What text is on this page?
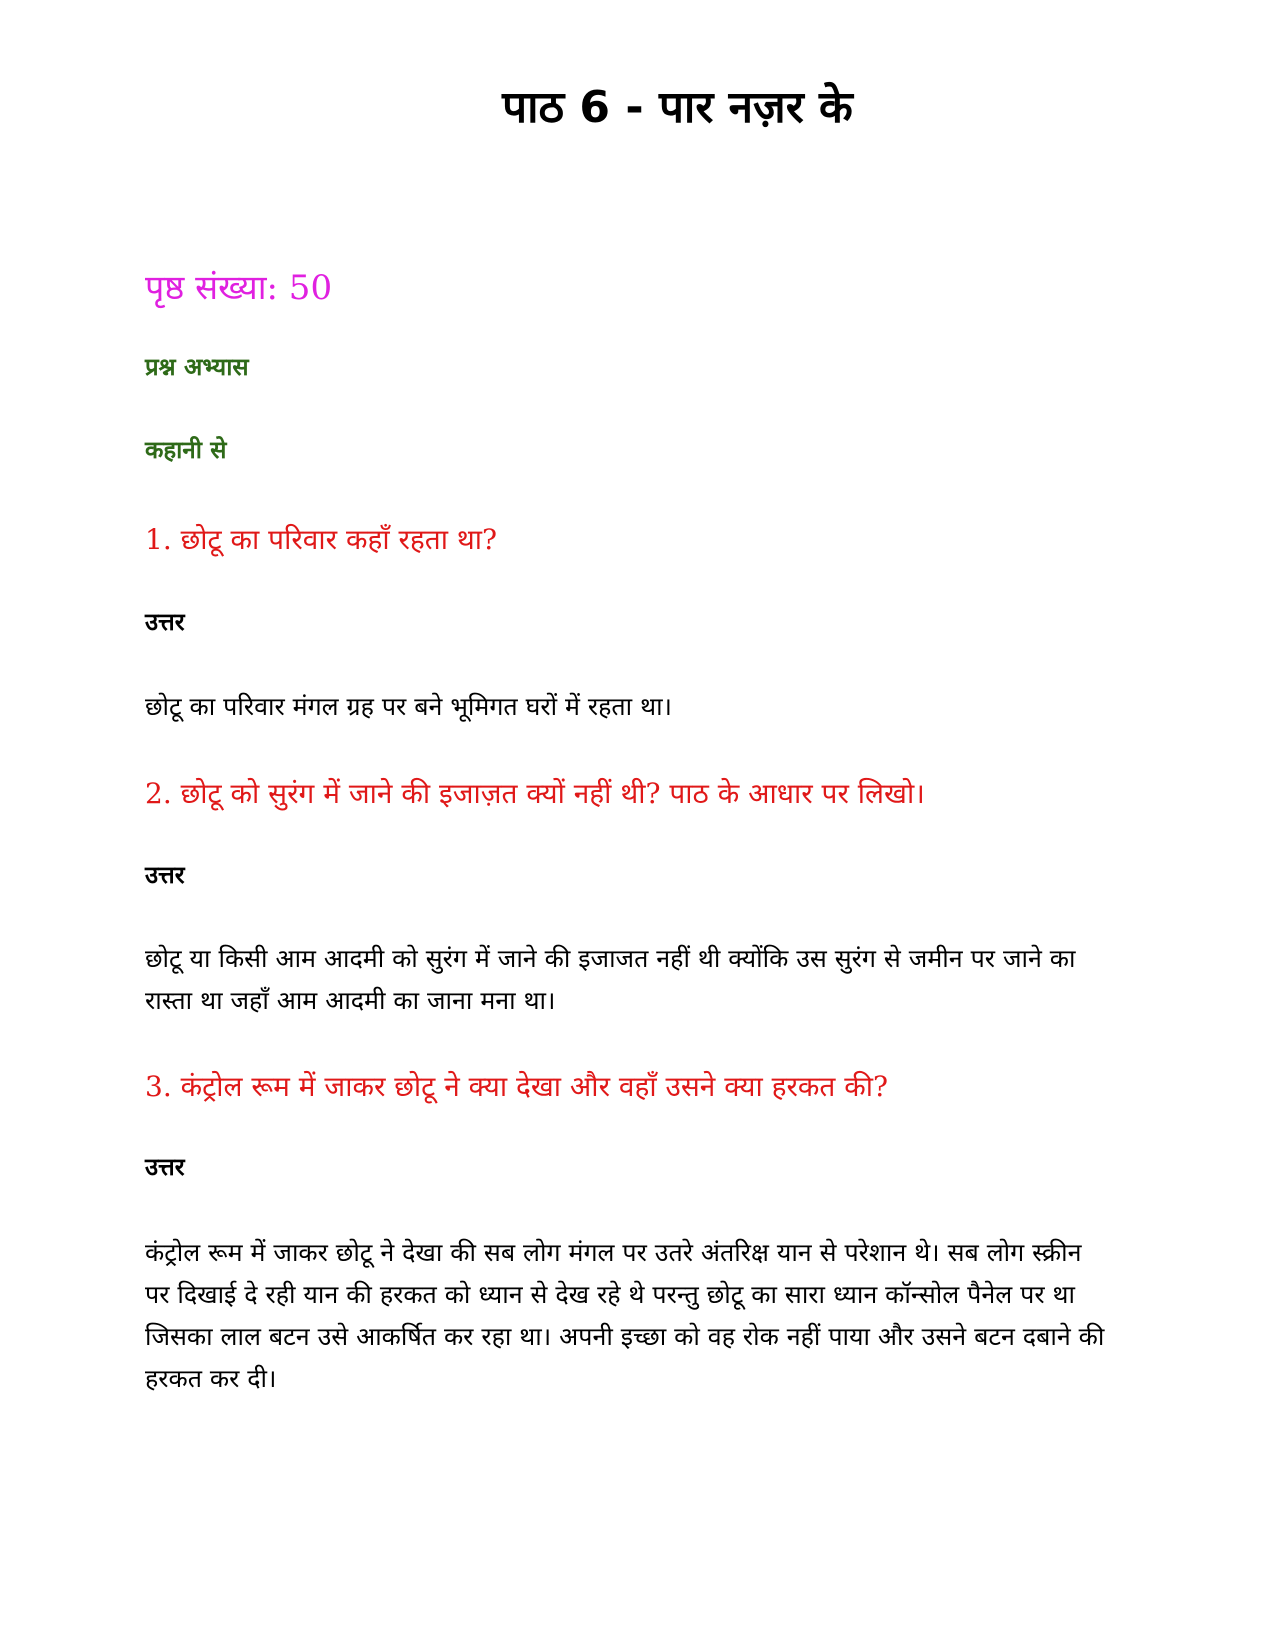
पाठ 6 - पार नज़र के
पृष्ठ संख्या: 50
प्रश्न अभ्यास
कहानी से
1. छोटू का परिवार कहाँ रहता था?
उत्तर
छोटू का परिवार मंगल ग्रह पर बने भूमिगत घरों में रहता था।
2. छोटू को सुरंग में जाने की इजाज़त क्यों नहीं थी? पाठ के आधार पर लिखो।
उत्तर
छोटू या किसी आम आदमी को सुरंग में जाने की इजाजत नहीं थी क्योंकि उस सुरंग से जमीन पर जाने का रास्ता था जहाँ आम आदमी का जाना मना था।
3. कंट्रोल रूम में जाकर छोटू ने क्या देखा और वहाँ उसने क्या हरकत की?
उत्तर
कंट्रोल रूम में जाकर छोटू ने देखा की सब लोग मंगल पर उतरे अंतरिक्ष यान से परेशान थे। सब लोग स्क्रीन पर दिखाई दे रही यान की हरकत को ध्यान से देख रहे थे परन्तु छोटू का सारा ध्यान कॉन्सोल पैनेल पर था जिसका लाल बटन उसे आकर्षित कर रहा था। अपनी इच्छा को वह रोक नहीं पाया और उसने बटन दबाने की हरकत कर दी।
